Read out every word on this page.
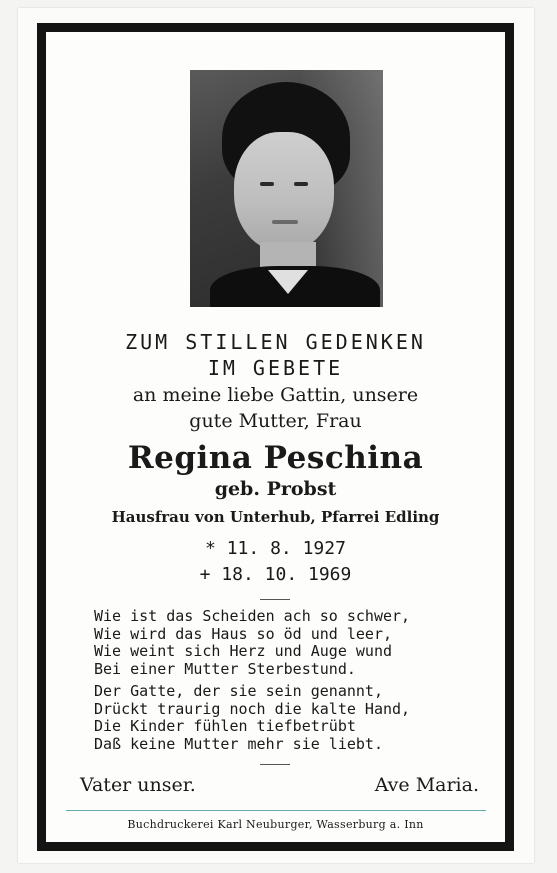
ZUM STILLEN GEDENKEN
IM GEBETE
an meine liebe Gattin, unsere
gute Mutter, Frau
Regina Peschina
geb. Probst
Hausfrau von Unterhub, Pfarrei Edling
* 11. 8. 1927
+ 18. 10. 1969
Wie ist das Scheiden ach so schwer,
Wie wird das Haus so öd und leer,
Wie weint sich Herz und Auge wund
Bei einer Mutter Sterbestund.
Der Gatte, der sie sein genannt,
Drückt traurig noch die kalte Hand,
Die Kinder fühlen tiefbetrübt
Daß keine Mutter mehr sie liebt.
Vater unser.	Ave Maria.
Buchdruckerei Karl Neuburger, Wasserburg a. Inn
